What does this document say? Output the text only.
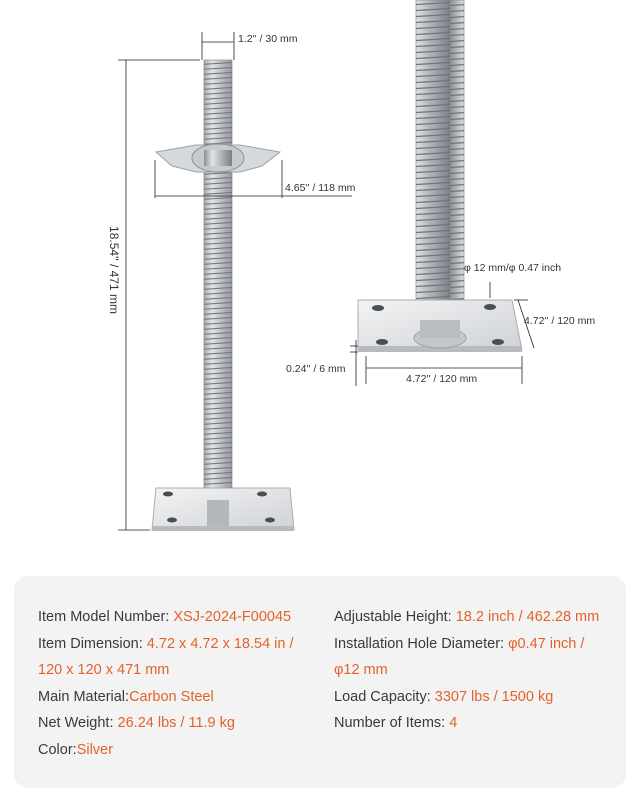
1.2'' / 30 mm
4.65'' / 118 mm
18.54'' / 471 mm	φ 12 mm/φ 0.47 inch
4.72'' / 120 mm
0.24'' / 6 mm
4.72'' / 120 mm
Item Model Number: XSJ-2024-F00045
Item Dimension: 4.72 x 4.72 x 18.54 in /
120 x 120 x 471 mm
Main Material:Carbon Steel
Net Weight: 26.24 lbs / 11.9 kg
Color:Silver
Adjustable Height: 18.2 inch / 462.28 mm
Installation Hole Diameter: φ0.47 inch /
φ12 mm
Load Capacity: 3307 lbs / 1500 kg
Number of Items: 4
